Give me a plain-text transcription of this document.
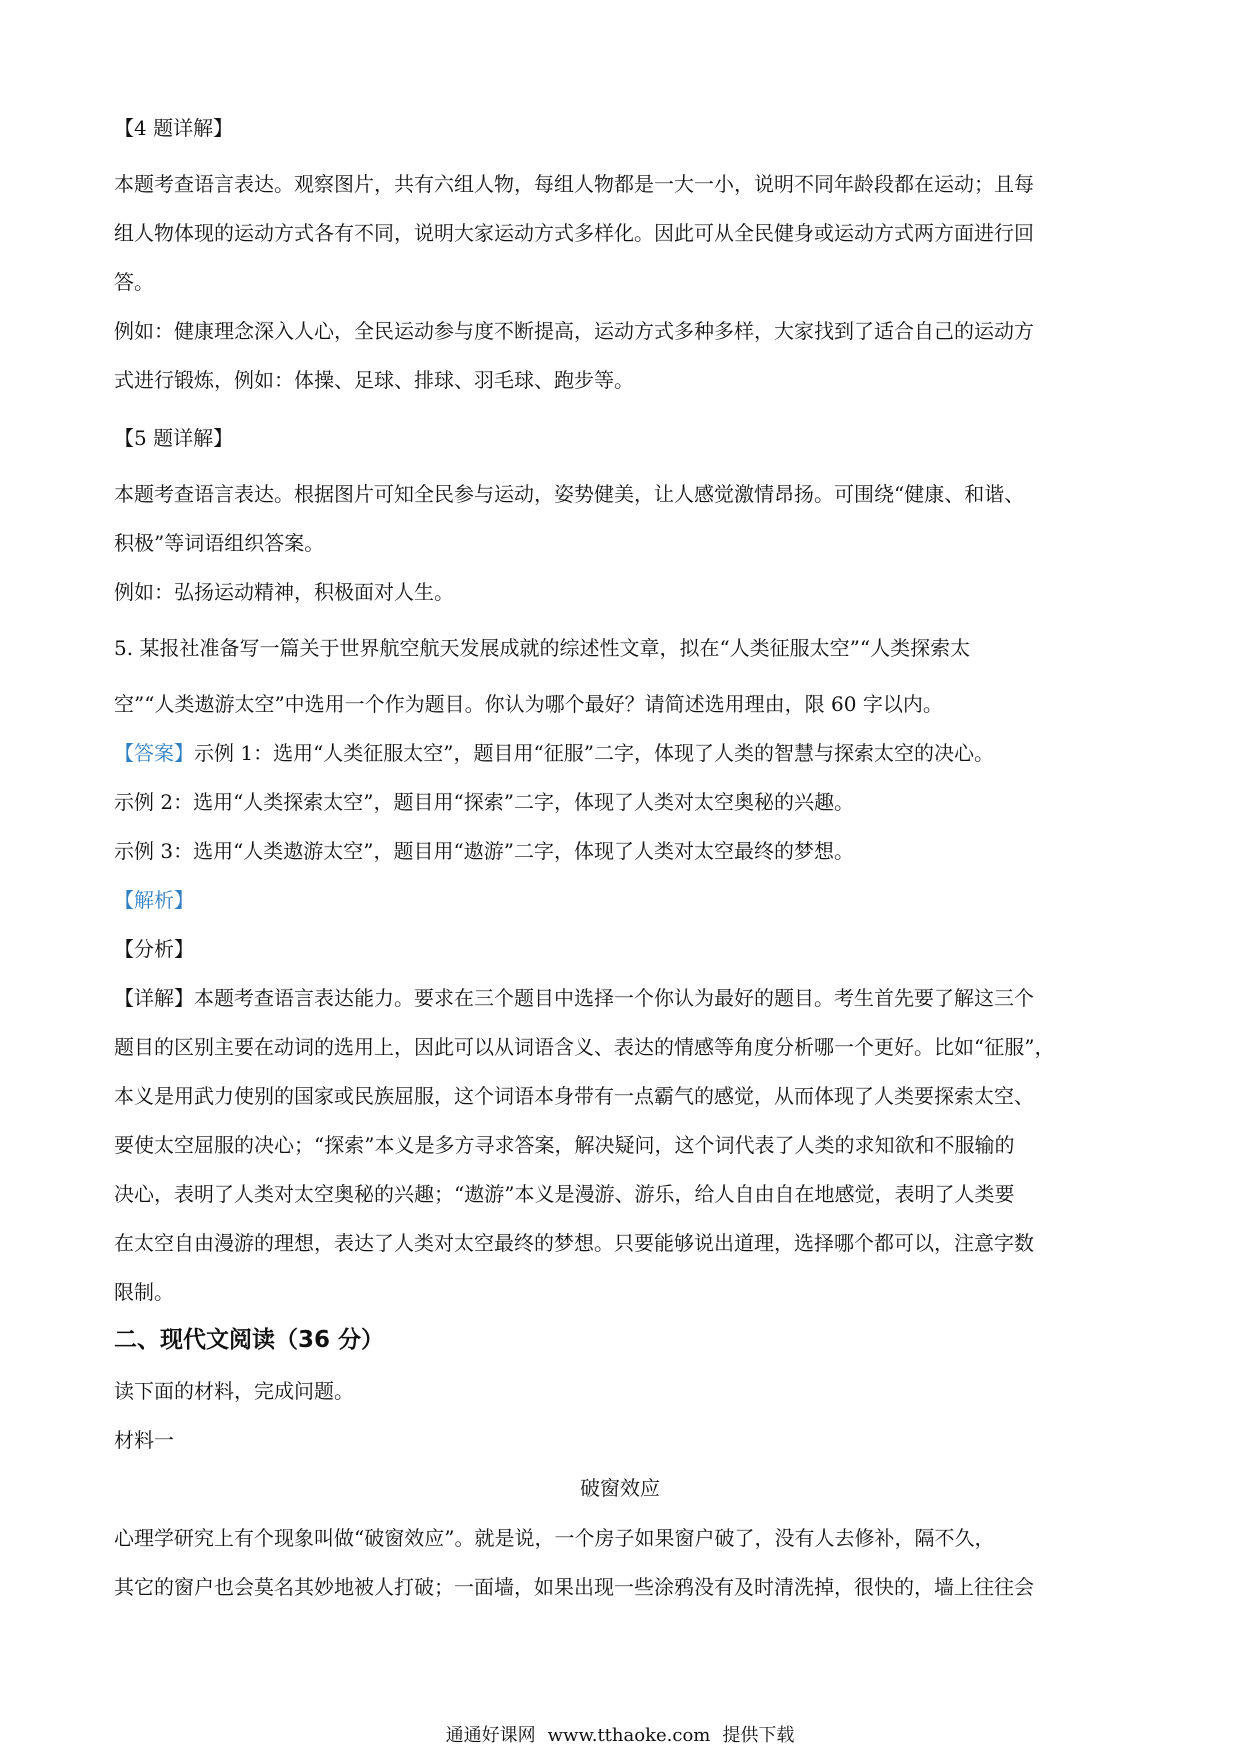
【4 题详解】
本题考查语言表达。观察图片，共有六组人物，每组人物都是一大一小，说明不同年龄段都在运动；且每
组人物体现的运动方式各有不同，说明大家运动方式多样化。因此可从全民健身或运动方式两方面进行回
答。
例如：健康理念深入人心，全民运动参与度不断提高，运动方式多种多样，大家找到了适合自己的运动方
式进行锻炼，例如：体操、足球、排球、羽毛球、跑步等。
【5 题详解】
本题考查语言表达。根据图片可知全民参与运动，姿势健美，让人感觉激情昂扬。可围绕“健康、和谐、
积极”等词语组织答案。
例如：弘扬运动精神，积极面对人生。
5. 某报社准备写一篇关于世界航空航天发展成就的综述性文章，拟在“人类征服太空”“人类探索太
空”“人类遨游太空”中选用一个作为题目。你认为哪个最好？请简述选用理由，限 60 字以内。
【答案】示例 1：选用“人类征服太空”，题目用“征服”二字，体现了人类的智慧与探索太空的决心。
示例 2：选用“人类探索太空”，题目用“探索”二字，体现了人类对太空奥秘的兴趣。
示例 3：选用“人类遨游太空”，题目用“遨游”二字，体现了人类对太空最终的梦想。
【解析】
【分析】
【详解】本题考查语言表达能力。要求在三个题目中选择一个你认为最好的题目。考生首先要了解这三个
题目的区别主要在动词的选用上，因此可以从词语含义、表达的情感等角度分析哪一个更好。比如“征服”，
本义是用武力使别的国家或民族屈服，这个词语本身带有一点霸气的感觉，从而体现了人类要探索太空、
要使太空屈服的决心；“探索”本义是多方寻求答案，解决疑问，这个词代表了人类的求知欲和不服输的
决心，表明了人类对太空奥秘的兴趣；“遨游”本义是漫游、游乐，给人自由自在地感觉，表明了人类要
在太空自由漫游的理想，表达了人类对太空最终的梦想。只要能够说出道理，选择哪个都可以，注意字数
限制。
二、现代文阅读（36 分）
读下面的材料，完成问题。
材料一
破窗效应
心理学研究上有个现象叫做“破窗效应”。就是说，一个房子如果窗户破了，没有人去修补，隔不久，
其它的窗户也会莫名其妙地被人打破；一面墙，如果出现一些涂鸦没有及时清洗掉，很快的，墙上往往会
通通好课网 www.tthaoke.com 提供下载
